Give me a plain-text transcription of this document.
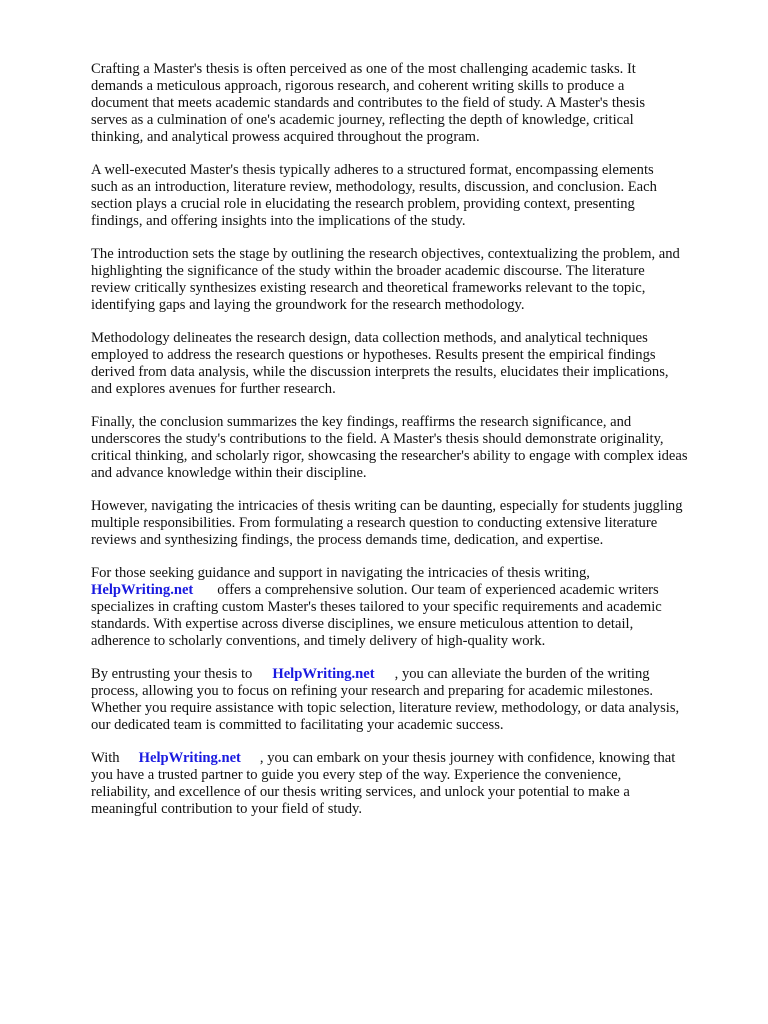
Crafting a Master's thesis is often perceived as one of the most challenging academic tasks. It
demands a meticulous approach, rigorous research, and coherent writing skills to produce a
document that meets academic standards and contributes to the field of study. A Master's thesis
serves as a culmination of one's academic journey, reflecting the depth of knowledge, critical
thinking, and analytical prowess acquired throughout the program.

A well-executed Master's thesis typically adheres to a structured format, encompassing elements
such as an introduction, literature review, methodology, results, discussion, and conclusion. Each
section plays a crucial role in elucidating the research problem, providing context, presenting
findings, and offering insights into the implications of the study.

The introduction sets the stage by outlining the research objectives, contextualizing the problem, and
highlighting the significance of the study within the broader academic discourse. The literature
review critically synthesizes existing research and theoretical frameworks relevant to the topic,
identifying gaps and laying the groundwork for the research methodology.

Methodology delineates the research design, data collection methods, and analytical techniques
employed to address the research questions or hypotheses. Results present the empirical findings
derived from data analysis, while the discussion interprets the results, elucidates their implications,
and explores avenues for further research.

Finally, the conclusion summarizes the key findings, reaffirms the research significance, and
underscores the study's contributions to the field. A Master's thesis should demonstrate originality,
critical thinking, and scholarly rigor, showcasing the researcher's ability to engage with complex ideas
and advance knowledge within their discipline.

However, navigating the intricacies of thesis writing can be daunting, especially for students juggling
multiple responsibilities. From formulating a research question to conducting extensive literature
reviews and synthesizing findings, the process demands time, dedication, and expertise.

For those seeking guidance and support in navigating the intricacies of thesis writing,
HelpWriting.net offers a comprehensive solution. Our team of experienced academic writers
specializes in crafting custom Master's theses tailored to your specific requirements and academic
standards. With expertise across diverse disciplines, we ensure meticulous attention to detail,
adherence to scholarly conventions, and timely delivery of high-quality work.

By entrusting your thesis to HelpWriting.net , you can alleviate the burden of the writing
process, allowing you to focus on refining your research and preparing for academic milestones.
Whether you require assistance with topic selection, literature review, methodology, or data analysis,
our dedicated team is committed to facilitating your academic success.

With HelpWriting.net , you can embark on your thesis journey with confidence, knowing that
you have a trusted partner to guide you every step of the way. Experience the convenience,
reliability, and excellence of our thesis writing services, and unlock your potential to make a
meaningful contribution to your field of study.
